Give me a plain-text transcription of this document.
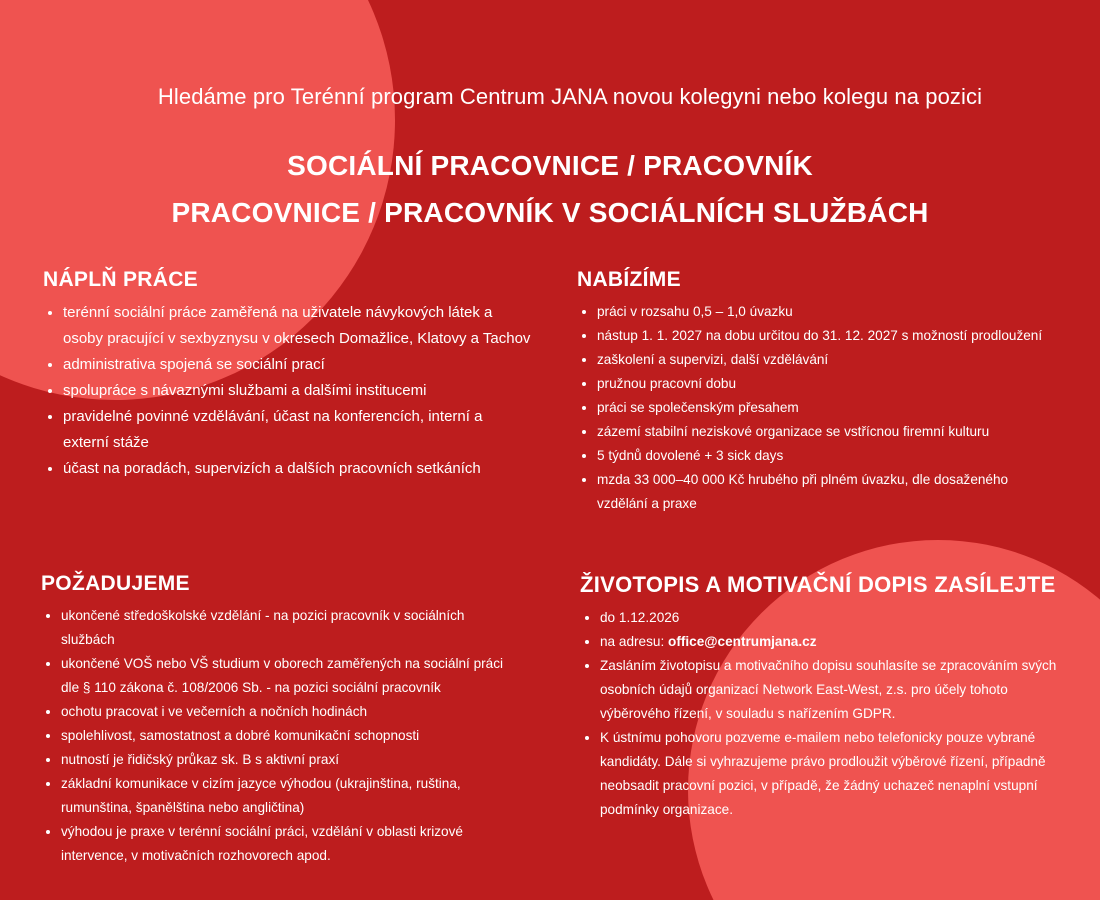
Hledáme pro Terénní program Centrum JANA novou kolegyni nebo kolegu na pozici

SOCIÁLNÍ PRACOVNICE / PRACOVNÍK
PRACOVNICE / PRACOVNÍK V SOCIÁLNÍCH SLUŽBÁCH
NÁPLŇ PRÁCE
• terénní sociální práce zaměřená na uživatele návykových látek a osoby pracující v sexbyznysu v okresech Domažlice, Klatovy a Tachov
• administrativa spojená se sociální prací
• spolupráce s návaznými službami a dalšími institucemi
• pravidelné povinné vzdělávání, účast na konferencích, interní a externí stáže
• účast na poradách, supervizích a dalších pracovních setkáních
NABÍZÍME
• práci v rozsahu 0,5 – 1,0 úvazku
• nástup 1. 1. 2027 na dobu určitou do 31. 12. 2027 s možností prodloužení
• zaškolení a supervizi, další vzdělávání
• pružnou pracovní dobu
• práci se společenským přesahem
• zázemí stabilní neziskové organizace se vstřícnou firemní kulturu
• 5 týdnů dovolené + 3 sick days
• mzda 33 000–40 000 Kč hrubého při plném úvazku, dle dosaženého vzdělání a praxe
POŽADUJEME
• ukončené středoškolské vzdělání - na pozici pracovník v sociálních službách
• ukončené VOŠ nebo VŠ studium v oborech zaměřených na sociální práci dle § 110 zákona č. 108/2006 Sb. - na pozici sociální pracovník
• ochotu pracovat i ve večerních a nočních hodinách
• spolehlivost, samostatnost a dobré komunikační schopnosti
• nutností je řidičský průkaz sk. B s aktivní praxí
• základní komunikace v cizím jazyce výhodou (ukrajinština, ruština, rumunština, španělština nebo angličtina)
• výhodou je praxe v terénní sociální práci, vzdělání v oblasti krizové intervence, v motivačních rozhovorech apod.
ŽIVOTOPIS A MOTIVAČNÍ DOPIS ZASÍLEJTE
• do 1.12.2026
• na adresu: office@centrumjana.cz
• Zasláním životopisu a motivačního dopisu souhlasíte se zpracováním svých osobních údajů organizací Network East-West, z.s. pro účely tohoto výběrového řízení, v souladu s nařízením GDPR.
• K ústnímu pohovoru pozveme e-mailem nebo telefonicky pouze vybrané kandidáty. Dále si vyhrazujeme právo prodloužit výběrové řízení, případně neobsadit pracovní pozici, v případě, že žádný uchazeč nenaplní vstupní podmínky organizace.
